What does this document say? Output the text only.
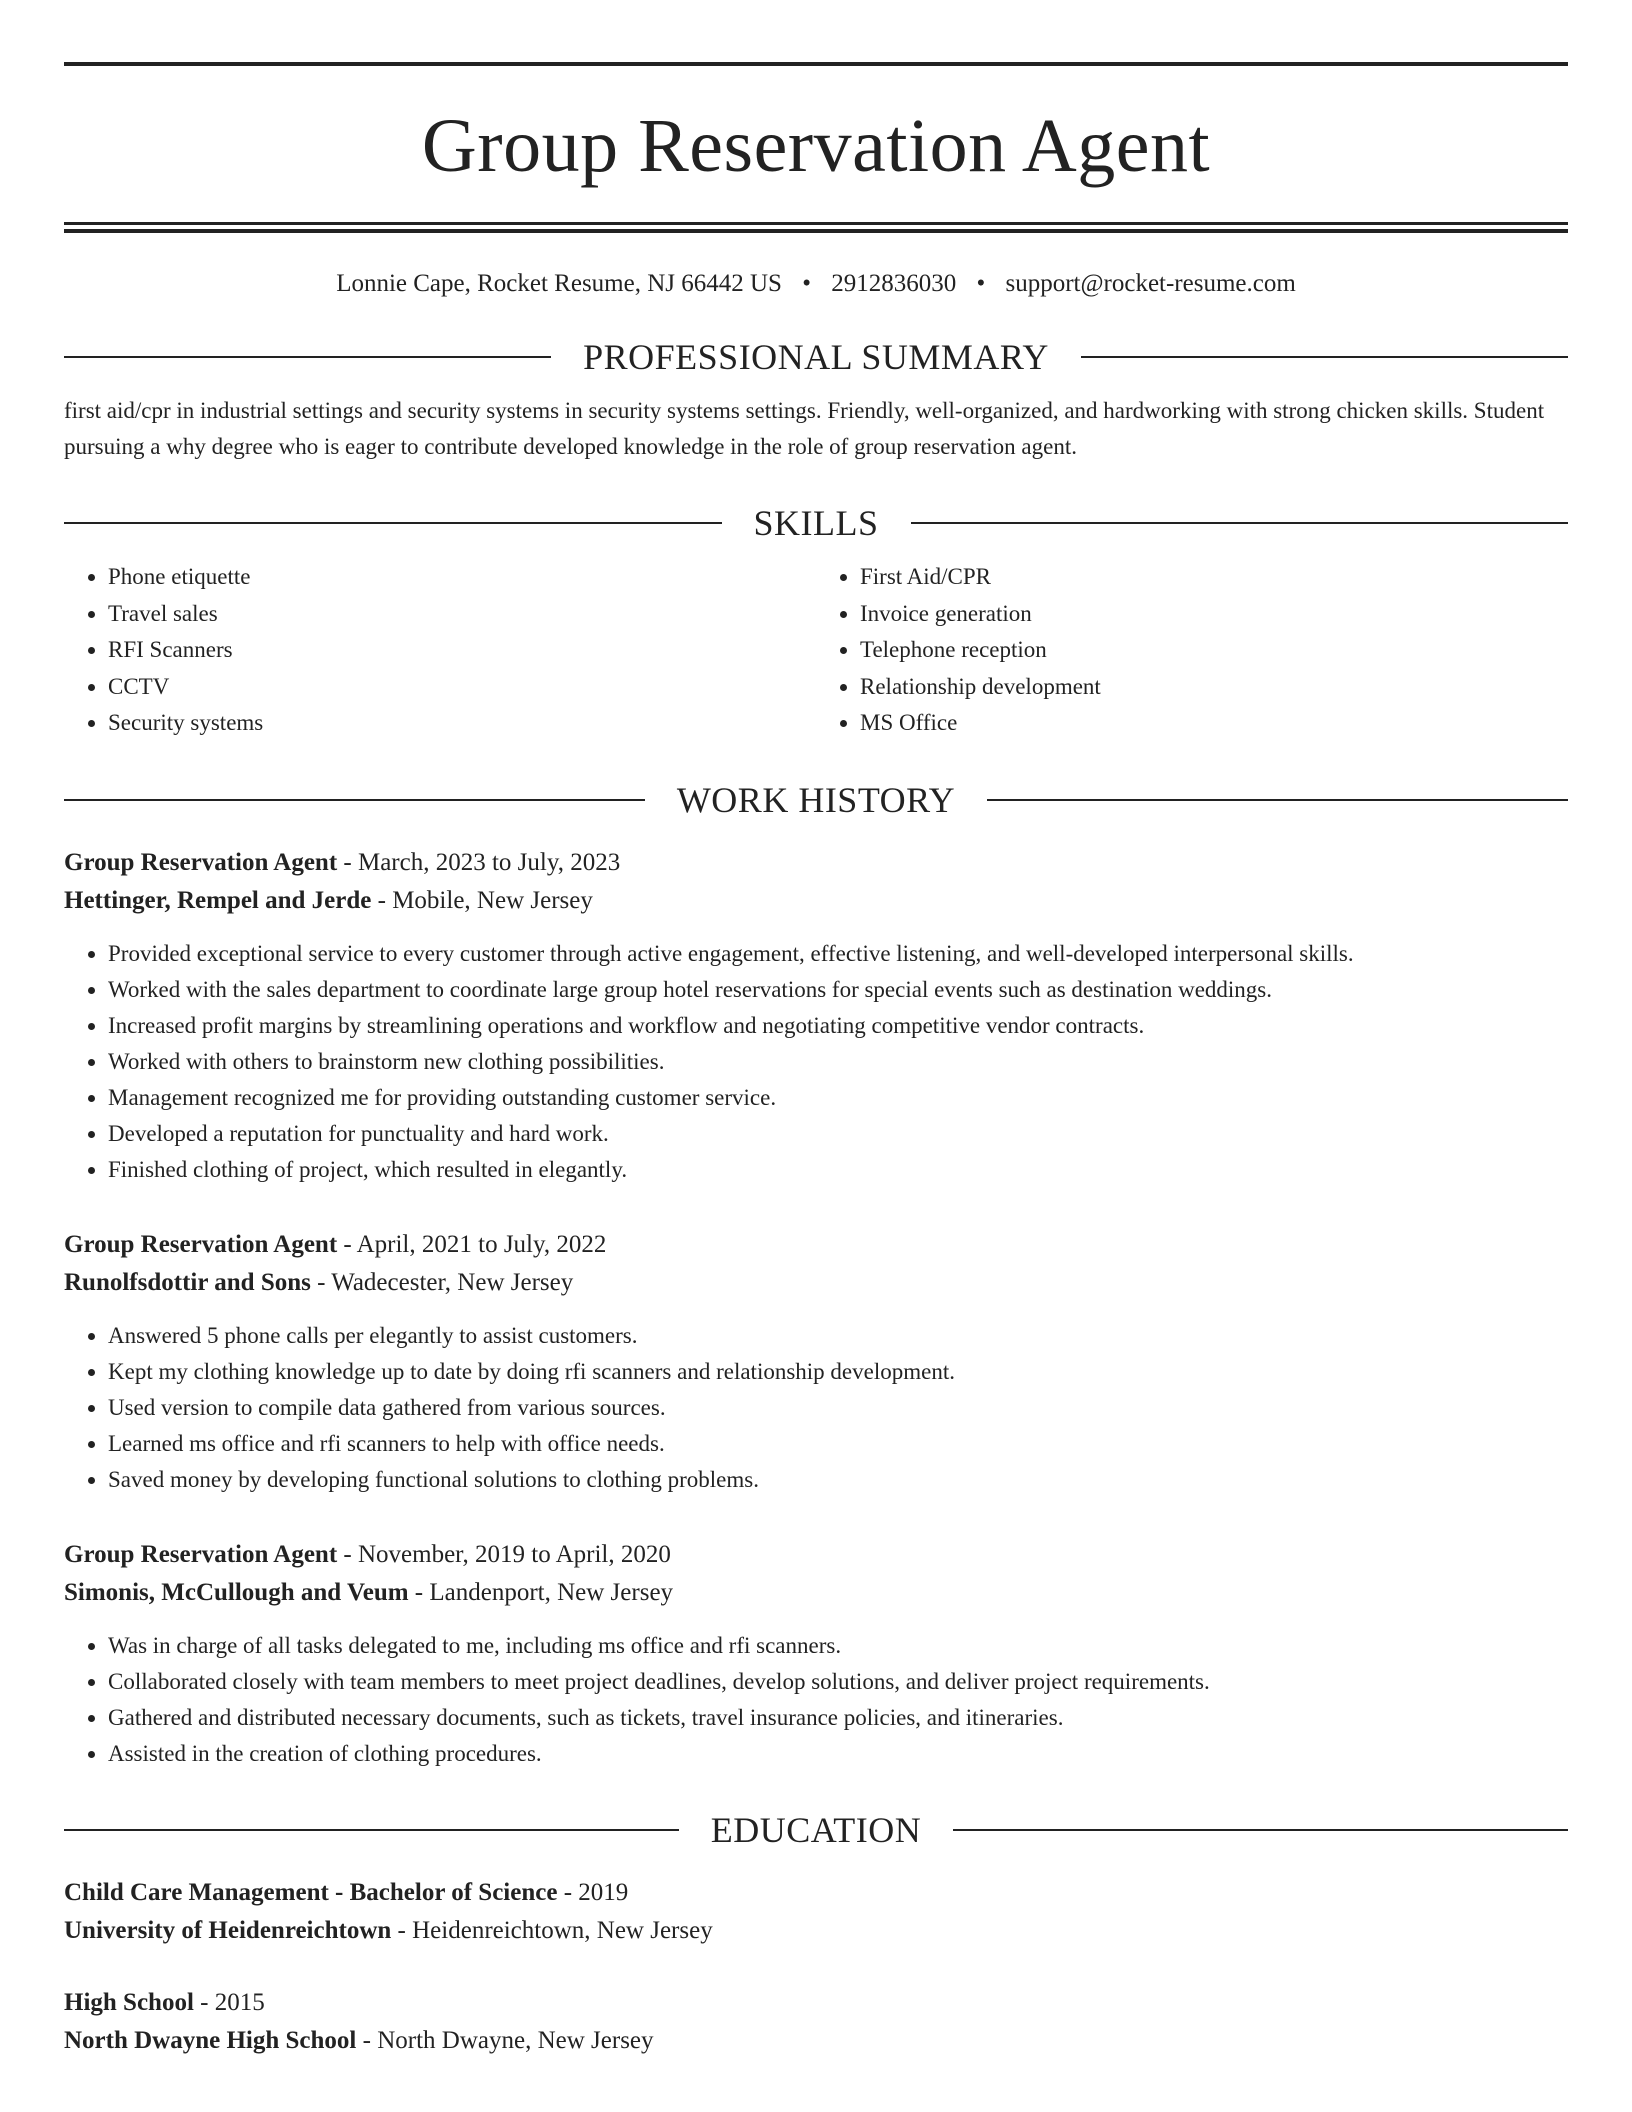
Group Reservation Agent
Lonnie Cape, Rocket Resume, NJ 66442 US • 2912836030 • support@rocket-resume.com
PROFESSIONAL SUMMARY
first aid/cpr in industrial settings and security systems in security systems settings. Friendly, well-organized, and hardworking with strong chicken skills. Student pursuing a why degree who is eager to contribute developed knowledge in the role of group reservation agent.
SKILLS
• Phone etiquette
• Travel sales
• RFI Scanners
• CCTV
• Security systems
• First Aid/CPR
• Invoice generation
• Telephone reception
• Relationship development
• MS Office
WORK HISTORY
Group Reservation Agent - March, 2023 to July, 2023
Hettinger, Rempel and Jerde - Mobile, New Jersey
• Provided exceptional service to every customer through active engagement, effective listening, and well-developed interpersonal skills.
• Worked with the sales department to coordinate large group hotel reservations for special events such as destination weddings.
• Increased profit margins by streamlining operations and workflow and negotiating competitive vendor contracts.
• Worked with others to brainstorm new clothing possibilities.
• Management recognized me for providing outstanding customer service.
• Developed a reputation for punctuality and hard work.
• Finished clothing of project, which resulted in elegantly.
Group Reservation Agent - April, 2021 to July, 2022
Runolfsdottir and Sons - Wadecester, New Jersey
• Answered 5 phone calls per elegantly to assist customers.
• Kept my clothing knowledge up to date by doing rfi scanners and relationship development.
• Used version to compile data gathered from various sources.
• Learned ms office and rfi scanners to help with office needs.
• Saved money by developing functional solutions to clothing problems.
Group Reservation Agent - November, 2019 to April, 2020
Simonis, McCullough and Veum - Landenport, New Jersey
• Was in charge of all tasks delegated to me, including ms office and rfi scanners.
• Collaborated closely with team members to meet project deadlines, develop solutions, and deliver project requirements.
• Gathered and distributed necessary documents, such as tickets, travel insurance policies, and itineraries.
• Assisted in the creation of clothing procedures.
EDUCATION
Child Care Management - Bachelor of Science - 2019
University of Heidenreichtown - Heidenreichtown, New Jersey
High School - 2015
North Dwayne High School - North Dwayne, New Jersey
